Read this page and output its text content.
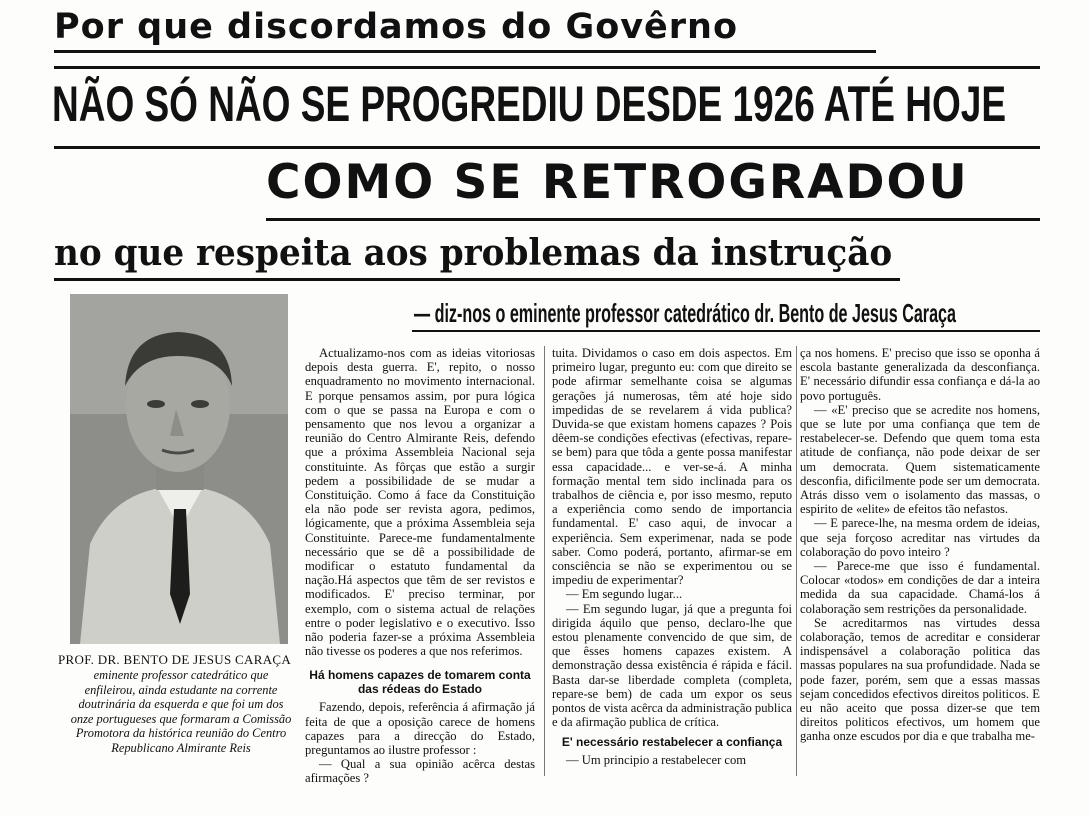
Por que discordamos do Govêrno
NÃO SÓ NÃO SE PROGREDIU DESDE 1926 ATÉ HOJE
COMO SE RETROGRADOU
no que respeita aos problemas da instrução
— diz-nos o eminente professor catedrático dr. Bento de Jesus Caraça
PROF. DR. BENTO DE JESUS CARAÇA
eminente professor catedrático que enfileirou, ainda estudante na corrente doutrinária da esquerda e que foi um dos onze portugueses que formaram a Comissão Promotora da histórica reunião do Centro Republicano Almirante Reis

Actualizamo-nos com as ideias vitoriosas depois desta guerra. E', repito, o nosso enquadramento no movimento internacional. E porque pensamos assim, por pura lógica com o que se passa na Europa e com o pensamento que nos levou a organizar a reunião do Centro Almirante Reis, defendo que a próxima Assembleia Nacional seja constituinte. As fôrças que estão a surgir pedem a possibilidade de se mudar a Constituição. Como á face da Constituição ela não pode ser revista agora, pedimos, lógicamente, que a próxima Assembleia seja Constituinte. Parece-me fundamentalmente necessário que se dê a possibilidade de modificar o estatuto fundamental da nação.Há aspectos que têm de ser revistos e modificados. E' preciso terminar, por exemplo, com o sistema actual de relações entre o poder legislativo e o executivo. Isso não poderia fazer-se a próxima Assembleia não tivesse os poderes a que nos referimos.

Há homens capazes de tomarem conta das rédeas do Estado

Fazendo, depois, referência á afirmação já feita de que a oposição carece de homens capazes para a direcção do Estado, preguntamos ao ilustre professor :

— Qual a sua opinião acêrca destas afirmações ?

tuita. Dividamos o caso em dois aspectos. Em primeiro lugar, pregunto eu: com que direito se pode afirmar semelhante coisa se algumas gerações já numerosas, têm até hoje sido impedidas de se revelarem á vida publica? Duvida-se que existam homens capazes ? Pois dêem-se condições efectivas (efectivas, repare-se bem) para que tôda a gente possa manifestar essa capacidade... e ver-se-á. A minha formação mental tem sido inclinada para os trabalhos de ciência e, por isso mesmo, reputo a experiência como sendo de importancia fundamental. E' caso aqui, de invocar a experiência. Sem experimenar, nada se pode saber. Como poderá, portanto, afirmar-se em consciência se não se experimentou ou se impediu de experimentar?

— Em segundo lugar...

— Em segundo lugar, já que a pregunta foi dirigida áquilo que penso, declaro-lhe que estou plenamente convencido de que sim, de que êsses homens capazes existem. A demonstração dessa existência é rápida e fácil. Basta dar-se liberdade completa (completa, repare-se bem) de cada um expor os seus pontos de vista acêrca da administração publica e da afirmação publica de crítica.

E' necessário restabelecer a confiança

— Um principio a restabelecer com

ça nos homens. E' preciso que isso se oponha á escola bastante generalizada da desconfiança. E' necessário difundir essa confiança e dá-la ao povo português.

— «E' preciso que se acredite nos homens, que se lute por uma confiança que tem de restabelecer-se. Defendo que quem toma esta atitude de confiança, não pode deixar de ser um democrata. Quem sistematicamente desconfia, dificilmente pode ser um democrata. Atrás disso vem o isolamento das massas, o espirito de «elite» de efeitos tão nefastos.

— E parece-lhe, na mesma ordem de ideias, que seja forçoso acreditar nas virtudes da colaboração do povo inteiro ?

— Parece-me que isso é fundamental. Colocar «todos» em condições de dar a inteira medida da sua capacidade. Chamá-los á colaboração sem restrições da personalidade.

Se acreditarmos nas virtudes dessa colaboração, temos de acreditar e considerar indispensável a colaboração politica das massas populares na sua profundidade. Nada se pode fazer, porém, sem que a essas massas sejam concedidos efectivos direitos politicos. E eu não aceito que possa dizer-se que tem direitos politicos efectivos, um homem que ganha onze escudos por dia e que trabalha me-
